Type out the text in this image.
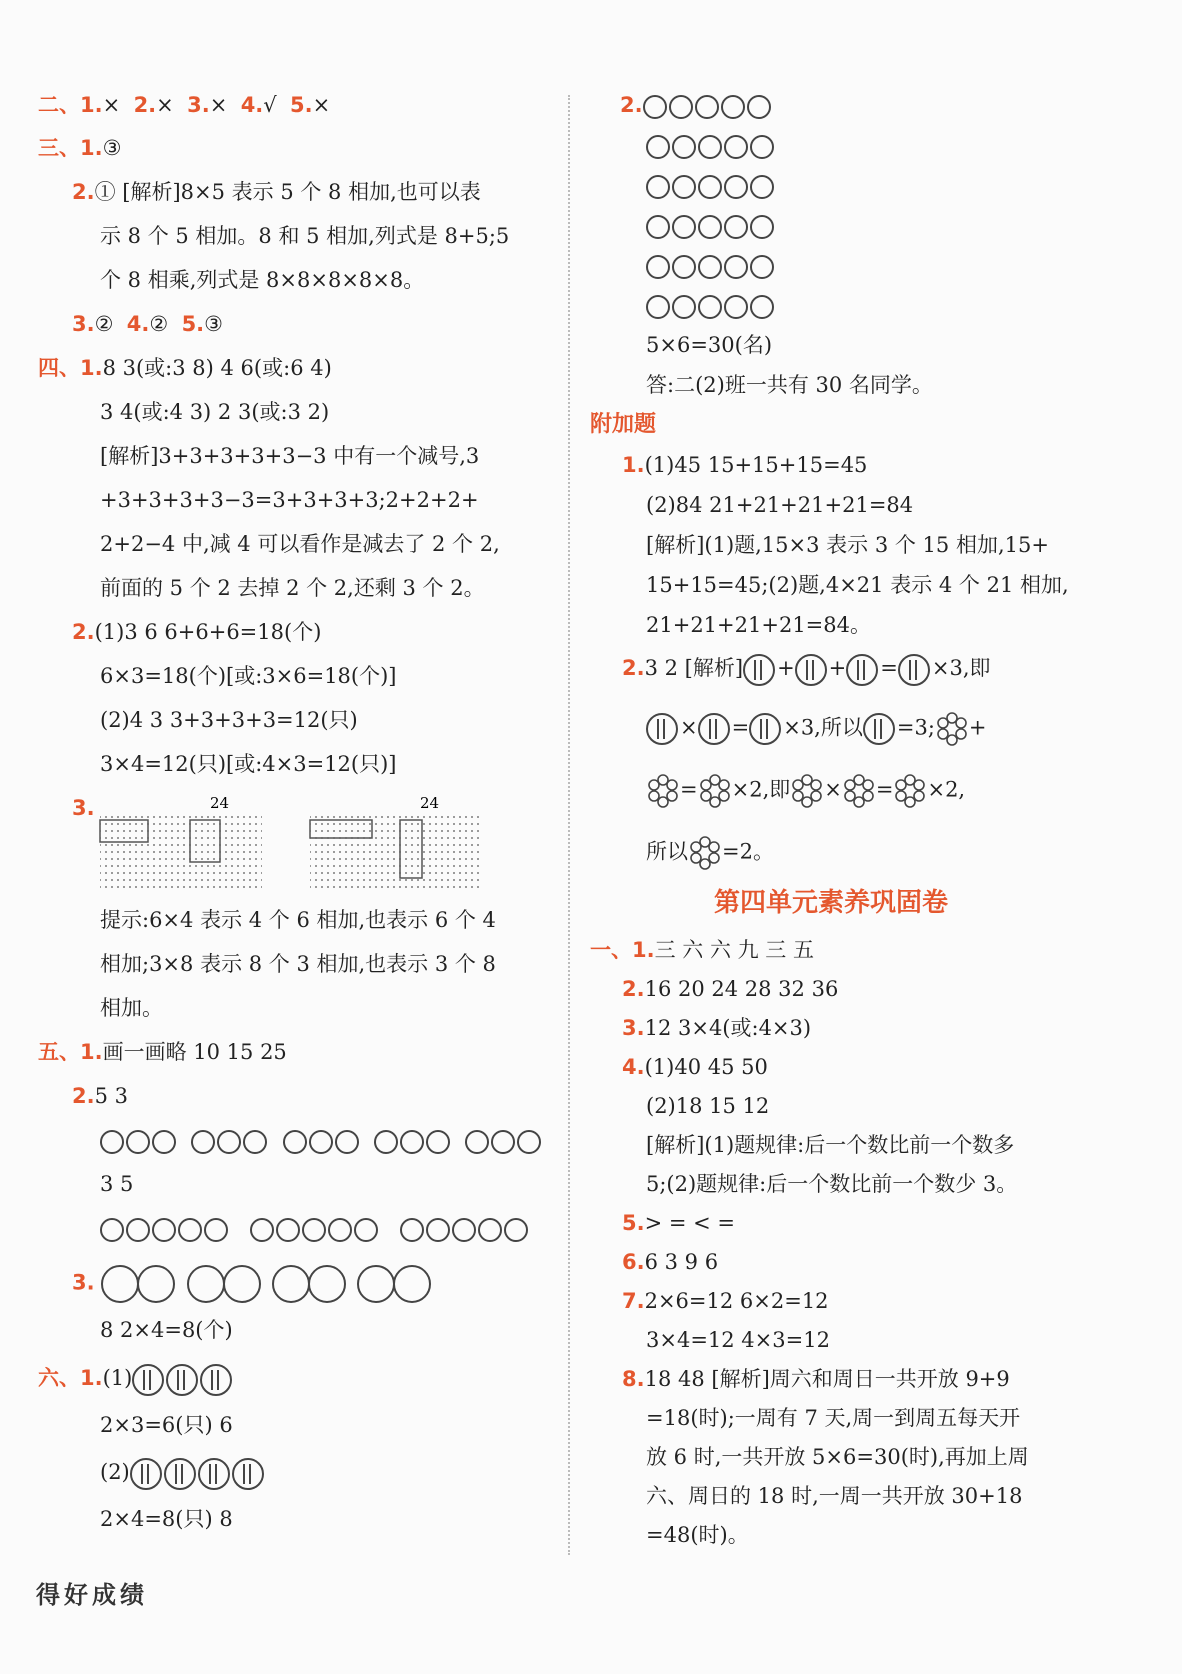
二、1.× 2.× 3.× 4.√ 5.×
三、1.③
2.① [解析]8×5 表示 5 个 8 相加,也可以表
示 8 个 5 相加。8 和 5 相加,列式是 8+5;5
个 8 相乘,列式是 8×8×8×8×8。
3.② 4.② 5.③
四、1.8 3(或:3 8) 4 6(或:6 4)
3 4(或:4 3) 2 3(或:3 2)
[解析]3+3+3+3+3−3 中有一个减号,3
+3+3+3+3−3=3+3+3+3;2+2+2+
2+2−4 中,减 4 可以看作是减去了 2 个 2,
前面的 5 个 2 去掉 2 个 2,还剩 3 个 2。
2.(1)3 6 6+6+6=18(个)
6×3=18(个)[或:3×6=18(个)]
(2)4 3 3+3+3+3=12(只)
3×4=12(只)[或:4×3=12(只)]
3.	24	24
提示:6×4 表示 4 个 6 相加,也表示 6 个 4
相加;3×8 表示 8 个 3 相加,也表示 3 个 8
相加。
五、1.画一画略 10 15 25
2.5 3

3 5

3.
8 2×4=8(个)
六、1.(1)
2×3=6(只) 6
(2)
2×4=8(只) 8
2.
5×6=30(名)
答:二(2)班一共有 30 名同学。
附加题
1.(1)45 15+15+15=45
(2)84 21+21+21+21=84
[解析](1)题,15×3 表示 3 个 15 相加,15+
15+15=45;(2)题,4×21 表示 4 个 21 相加,
21+21+21+21=84。
2.3 2 [解析] + + = ×3,即
× = ×3,所以 =3; +
= ×2,即 × = ×2,
所以 =2。
第四单元素养巩固卷
一、1.三 六 六 九 三 五
2.16 20 24 28 32 36
3.12 3×4(或:4×3)
4.(1)40 45 50
(2)18 15 12
[解析](1)题规律:后一个数比前一个数多
5;(2)题规律:后一个数比前一个数少 3。
5.> = < =
6.6 3 9 6
7.2×6=12 6×2=12
3×4=12 4×3=12
8.18 48 [解析]周六和周日一共开放 9+9
=18(时);一周有 7 天,周一到周五每天开
放 6 时,一共开放 5×6=30(时),再加上周
六、周日的 18 时,一周一共开放 30+18
=48(时)。
得好成绩
